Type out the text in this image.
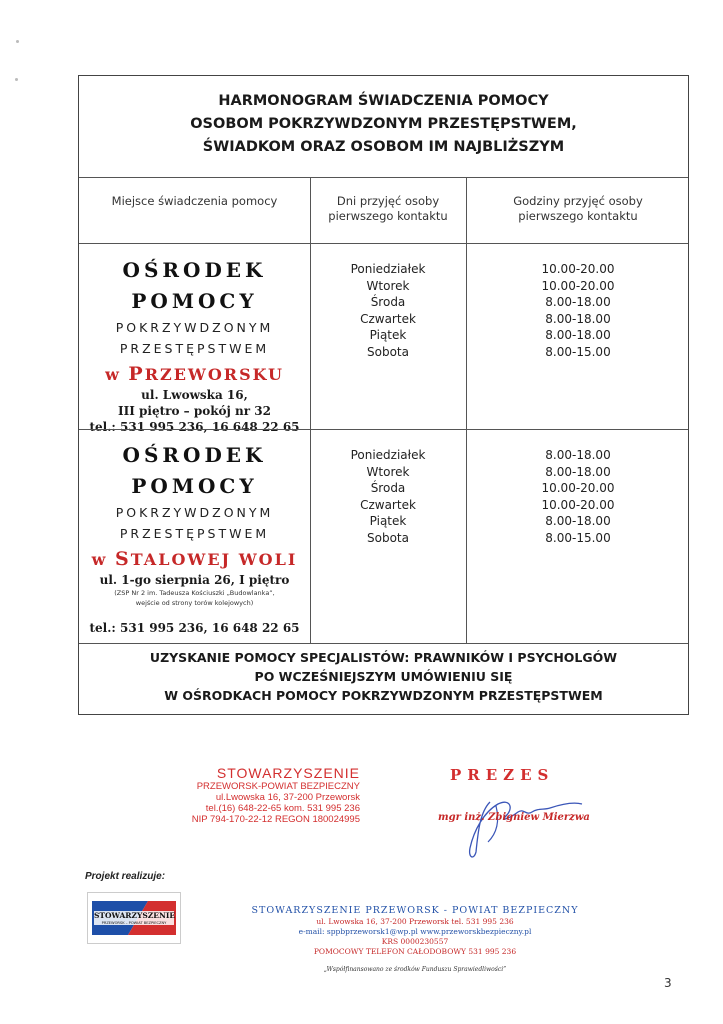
HARMONOGRAM ŚWIADCZENIA POMOCY
OSOBOM POKRZYWDZONYM PRZESTĘPSTWEM,
ŚWIADKOM ORAZ OSOBOM IM NAJBLIŻSZYM
Miejsce świadczenia pomocy	Dni przyjęć osoby
pierwszego kontaktu
Godziny przyjęć osoby
pierwszego kontaktu
OŚRODEK
POMOCY
POKRZYWDZONYM
PRZESTĘPSTWEM
w PRZEWORSKU
ul. Lwowska 16,
III piętro – pokój nr 32
tel.: 531 995 236, 16 648 22 65
Poniedziałek
Wtorek
Środa
Czwartek
Piątek
Sobota
10.00-20.00
10.00-20.00
8.00-18.00
8.00-18.00
8.00-18.00
8.00-15.00
OŚRODEK
POMOCY
POKRZYWDZONYM
PRZESTĘPSTWEM
w STALOWEJ WOLI
ul. 1-go sierpnia 26, I piętro
(ZSP Nr 2 im. Tadeusza Kościuszki „Budowlanka”,
wejście od strony torów kolejowych)
tel.: 531 995 236, 16 648 22 65
Poniedziałek
Wtorek
Środa
Czwartek
Piątek
Sobota
8.00-18.00
8.00-18.00
10.00-20.00
10.00-20.00
8.00-18.00
8.00-15.00
UZYSKANIE POMOCY SPECJALISTÓW: PRAWNIKÓW I PSYCHOLGÓW
PO WCZEŚNIEJSZYM UMÓWIENIU SIĘ
W OŚRODKACH POMOCY POKRZYWDZONYM PRZESTĘPSTWEM
STOWARZYSZENIE
PRZEWORSK-POWIAT BEZPIECZNY
ul.Lwowska 16, 37-200 Przeworsk
tel.(16) 648-22-65 kom. 531 995 236
NIP 794-170-22-12 REGON 180024995
PREZES
mgr inż. Zbigniew Mierzwa
Projekt realizuje:
STOWARZYSZENIE
PRZEWORSK – POWIAT BEZPIECZNY
STOWARZYSZENIE PRZEWORSK - POWIAT BEZPIECZNY
ul. Lwowska 16, 37-200 Przeworsk tel. 531 995 236
e-mail: sppbprzeworsk1@wp.pl www.przeworskbezpieczny.pl
KRS 0000230557
POMOCOWY TELEFON CAŁODOBOWY 531 995 236
„Współfinansowano ze środków Funduszu Sprawiedliwości”
3
